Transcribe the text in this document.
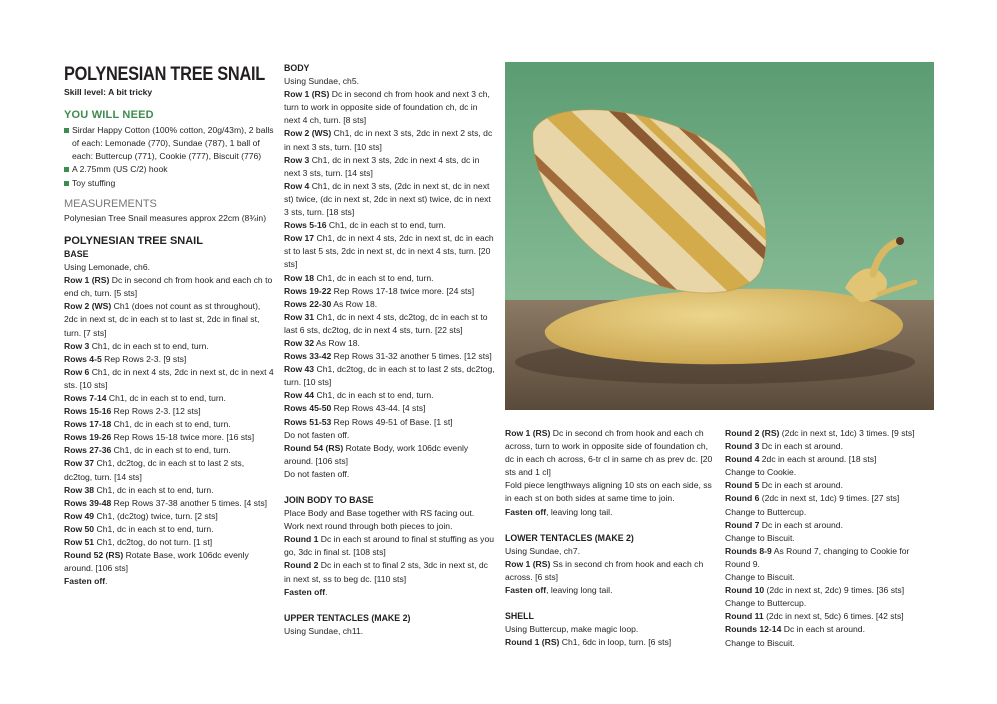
POLYNESIAN TREE SNAIL
Skill level: A bit tricky
YOU WILL NEED
Sirdar Happy Cotton (100% cotton, 20g/43m), 2 balls of each: Lemonade (770), Sundae (787), 1 ball of each: Buttercup (771), Cookie (777), Biscuit (776)
A 2.75mm (US C/2) hook
Toy stuffing
MEASUREMENTS

Polynesian Tree Snail measures approx 22cm (8¾in)

POLYNESIAN TREE SNAIL

BASE

Using Lemonade, ch6.

Row 1 (RS) Dc in second ch from hook and each ch to end ch, turn. [5 sts]

Row 2 (WS) Ch1 (does not count as st throughout), 2dc in next st, dc in each st to last st, 2dc in final st, turn. [7 sts]

Row 3 Ch1, dc in each st to end, turn.

Rows 4-5 Rep Rows 2-3. [9 sts]

Row 6 Ch1, dc in next 4 sts, 2dc in next st, dc in next 4 sts. [10 sts]

Rows 7-14 Ch1, dc in each st to end, turn.

Rows 15-16 Rep Rows 2-3. [12 sts]

Rows 17-18 Ch1, dc in each st to end, turn.

Rows 19-26 Rep Rows 15-18 twice more. [16 sts]

Rows 27-36 Ch1, dc in each st to end, turn.

Row 37 Ch1, dc2tog, dc in each st to last 2 sts, dc2tog, turn. [14 sts]

Row 38 Ch1, dc in each st to end, turn.

Rows 39-48 Rep Rows 37-38 another 5 times. [4 sts]

Row 49 Ch1, (dc2tog) twice, turn. [2 sts]

Row 50 Ch1, dc in each st to end, turn.

Row 51 Ch1, dc2tog, do not turn. [1 st]

Round 52 (RS) Rotate Base, work 106dc evenly around. [106 sts]

Fasten off.

BODY

Using Sundae, ch5.

Row 1 (RS) Dc in second ch from hook and next 3 ch, turn to work in opposite side of foundation ch, dc in next 4 ch, turn. [8 sts]

Row 2 (WS) Ch1, dc in next 3 sts, 2dc in next 2 sts, dc in next 3 sts, turn. [10 sts]

Row 3 Ch1, dc in next 3 sts, 2dc in next 4 sts, dc in next 3 sts, turn. [14 sts]

Row 4 Ch1, dc in next 3 sts, (2dc in next st, dc in next st) twice, (dc in next st, 2dc in next st) twice, dc in next 3 sts, turn. [18 sts]

Rows 5-16 Ch1, dc in each st to end, turn.

Row 17 Ch1, dc in next 4 sts, 2dc in next st, dc in each st to last 5 sts, 2dc in next st, dc in next 4 sts, turn. [20 sts]

Row 18 Ch1, dc in each st to end, turn.

Rows 19-22 Rep Rows 17-18 twice more. [24 sts]

Rows 22-30 As Row 18.

Row 31 Ch1, dc in next 4 sts, dc2tog, dc in each st to last 6 sts, dc2tog, dc in next 4 sts, turn. [22 sts]

Row 32 As Row 18.

Rows 33-42 Rep Rows 31-32 another 5 times. [12 sts]

Row 43 Ch1, dc2tog, dc in each st to last 2 sts, dc2tog, turn. [10 sts]

Row 44 Ch1, dc in each st to end, turn.

Rows 45-50 Rep Rows 43-44. [4 sts]

Rows 51-53 Rep Rows 49-51 of Base. [1 st]

Do not fasten off.

Round 54 (RS) Rotate Body, work 106dc evenly around. [106 sts]

Do not fasten off.

JOIN BODY TO BASE

Place Body and Base together with RS facing out. Work next round through both pieces to join.

Round 1 Dc in each st around to final st stuffing as you go, 3dc in final st. [108 sts]

Round 2 Dc in each st to final 2 sts, 3dc in next st, dc in next st, ss to beg dc. [110 sts]

Fasten off.

UPPER TENTACLES (MAKE 2)

Using Sundae, ch11.

Row 1 (RS) Dc in second ch from hook and each ch across, turn to work in opposite side of foundation ch, dc in each ch across, 6-tr cl in same ch as prev dc. [20 sts and 1 cl]

Fold piece lengthways aligning 10 sts on each side, ss in each st on both sides at same time to join.

Fasten off, leaving long tail.

LOWER TENTACLES (MAKE 2)

Using Sundae, ch7.

Row 1 (RS) Ss in second ch from hook and each ch across. [6 sts]

Fasten off, leaving long tail.

SHELL

Using Buttercup, make magic loop.

Round 1 (RS) Ch1, 6dc in loop, turn. [6 sts]

Round 2 (RS) (2dc in next st, 1dc) 3 times. [9 sts]

Round 3 Dc in each st around.

Round 4 2dc in each st around. [18 sts]

Change to Cookie.

Round 5 Dc in each st around.

Round 6 (2dc in next st, 1dc) 9 times. [27 sts]

Change to Buttercup.

Round 7 Dc in each st around.

Change to Biscuit.

Rounds 8-9 As Round 7, changing to Cookie for Round 9.

Change to Biscuit.

Round 10 (2dc in next st, 2dc) 9 times. [36 sts]

Change to Buttercup.

Round 11 (2dc in next st, 5dc) 6 times. [42 sts]

Rounds 12-14 Dc in each st around.

Change to Biscuit.
